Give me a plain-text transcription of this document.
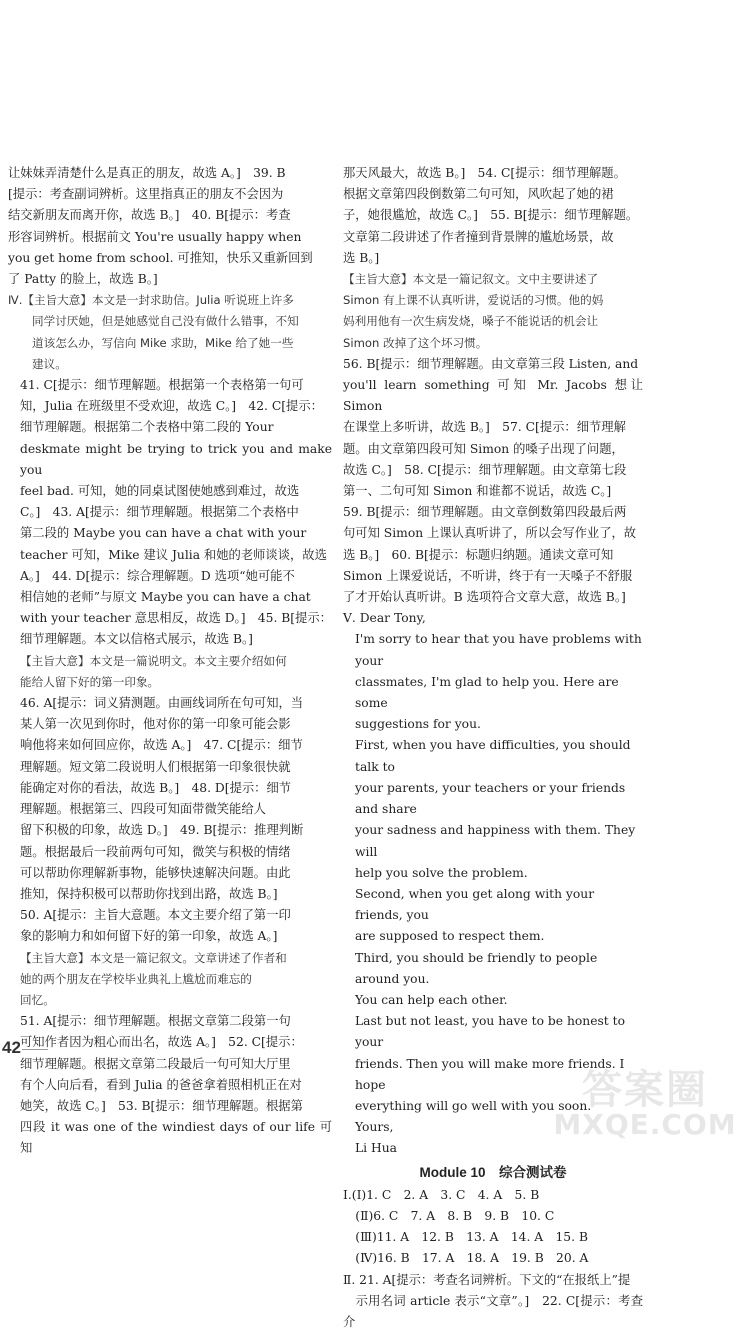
让妹妹弄清楚什么是真正的朋友，故选 A。]　39. B

[提示：考查副词辨析。这里指真正的朋友不会因为

结交新朋友而离开你，故选 B。]　40. B[提示：考查

形容词辨析。根据前文 You're usually happy when

you get home from school. 可推知，快乐又重新回到

了 Patty 的脸上，故选 B。]

Ⅳ.【主旨大意】本文是一封求助信。Julia 听说班上许多

同学讨厌她，但是她感觉自己没有做什么错事，不知

道该怎么办，写信向 Mike 求助，Mike 给了她一些

建议。

41. C[提示：细节理解题。根据第一个表格第一句可

知，Julia 在班级里不受欢迎，故选 C。]　42. C[提示：

细节理解题。根据第二个表格中第二段的 Your

deskmate might be trying to trick you and make you

feel bad. 可知，她的同桌试图使她感到难过，故选

C。]　43. A[提示：细节理解题。根据第二个表格中

第二段的 Maybe you can have a chat with your

teacher 可知，Mike 建议 Julia 和她的老师谈谈，故选

A。]　44. D[提示：综合理解题。D 选项“她可能不

相信她的老师”与原文 Maybe you can have a chat

with your teacher 意思相反，故选 D。]　45. B[提示：

细节理解题。本文以信格式展示，故选 B。]

【主旨大意】本文是一篇说明文。本文主要介绍如何

能给人留下好的第一印象。

46. A[提示：词义猜测题。由画线词所在句可知，当

某人第一次见到你时，他对你的第一印象可能会影

响他将来如何回应你，故选 A。]　47. C[提示：细节

理解题。短文第二段说明人们根据第一印象很快就

能确定对你的看法，故选 B。]　48. D[提示：细节

理解题。根据第三、四段可知面带微笑能给人

留下积极的印象，故选 D。]　49. B[提示：推理判断

题。根据最后一段前两句可知，微笑与积极的情绪

可以帮助你理解新事物，能够快速解决问题。由此

推知，保持积极可以帮助你找到出路，故选 B。]

50. A[提示：主旨大意题。本文主要介绍了第一印

象的影响力和如何留下好的第一印象，故选 A。]

【主旨大意】本文是一篇记叙文。文章讲述了作者和

她的两个朋友在学校毕业典礼上尴尬而难忘的

回忆。

51. A[提示：细节理解题。根据文章第二段第一句

可知作者因为粗心而出名，故选 A。]　52. C[提示：

细节理解题。根据文章第二段最后一句可知大厅里

有个人向后看，看到 Julia 的爸爸拿着照相机正在对

她笑，故选 C。]　53. B[提示：细节理解题。根据第

四段 it was one of the windiest days of our life 可知

那天风最大，故选 B。]　54. C[提示：细节理解题。

根据文章第四段倒数第二句可知，风吹起了她的裙

子，她很尴尬，故选 C。]　55. B[提示：细节理解题。

文章第二段讲述了作者撞到背景牌的尴尬场景，故

选 B。]

【主旨大意】本文是一篇记叙文。文中主要讲述了

Simon 有上课不认真听讲，爱说话的习惯。他的妈

妈利用他有一次生病发烧，嗓子不能说话的机会让

Simon 改掉了这个坏习惯。

56. B[提示：细节理解题。由文章第三段 Listen, and

you'll learn something 可知 Mr. Jacobs 想让 Simon

在课堂上多听讲，故选 B。]　57. C[提示：细节理解

题。由文章第四段可知 Simon 的嗓子出现了问题，

故选 C。]　58. C[提示：细节理解题。由文章第七段

第一、二句可知 Simon 和谁都不说话，故选 C。]

59. B[提示：细节理解题。由文章倒数第四段最后两

句可知 Simon 上课认真听讲了，所以会写作业了，故

选 B。]　60. B[提示：标题归纳题。通读文章可知

Simon 上课爱说话，不听讲，终于有一天嗓子不舒服

了才开始认真听讲。B 选项符合文章大意，故选 B。]

Ⅴ. Dear Tony,

I'm sorry to hear that you have problems with your

classmates, I'm glad to help you. Here are some

suggestions for you.

First, when you have difficulties, you should talk to

your parents, your teachers or your friends and share

your sadness and happiness with them. They will

help you solve the problem.

Second, when you get along with your friends, you

are supposed to respect them.

Third, you should be friendly to people around you.

You can help each other.

Last but not least, you have to be honest to your

friends. Then you will make more friends. I hope

everything will go well with you soon.

Yours,

Li Hua

Module 10　综合测试卷

Ⅰ.(Ⅰ)1. C　2. A　3. C　4. A　5. B

　(Ⅱ)6. C　7. A　8. B　9. B　10. C

　(Ⅲ)11. A　12. B　13. A　14. A　15. B

　(Ⅳ)16. B　17. A　18. A　19. B　20. A

Ⅱ. 21. A[提示：考查名词辨析。下文的“在报纸上”提

　示用名词 article 表示“文章”。]　22. C[提示：考查介

42
答案圈
MXQE.COM
